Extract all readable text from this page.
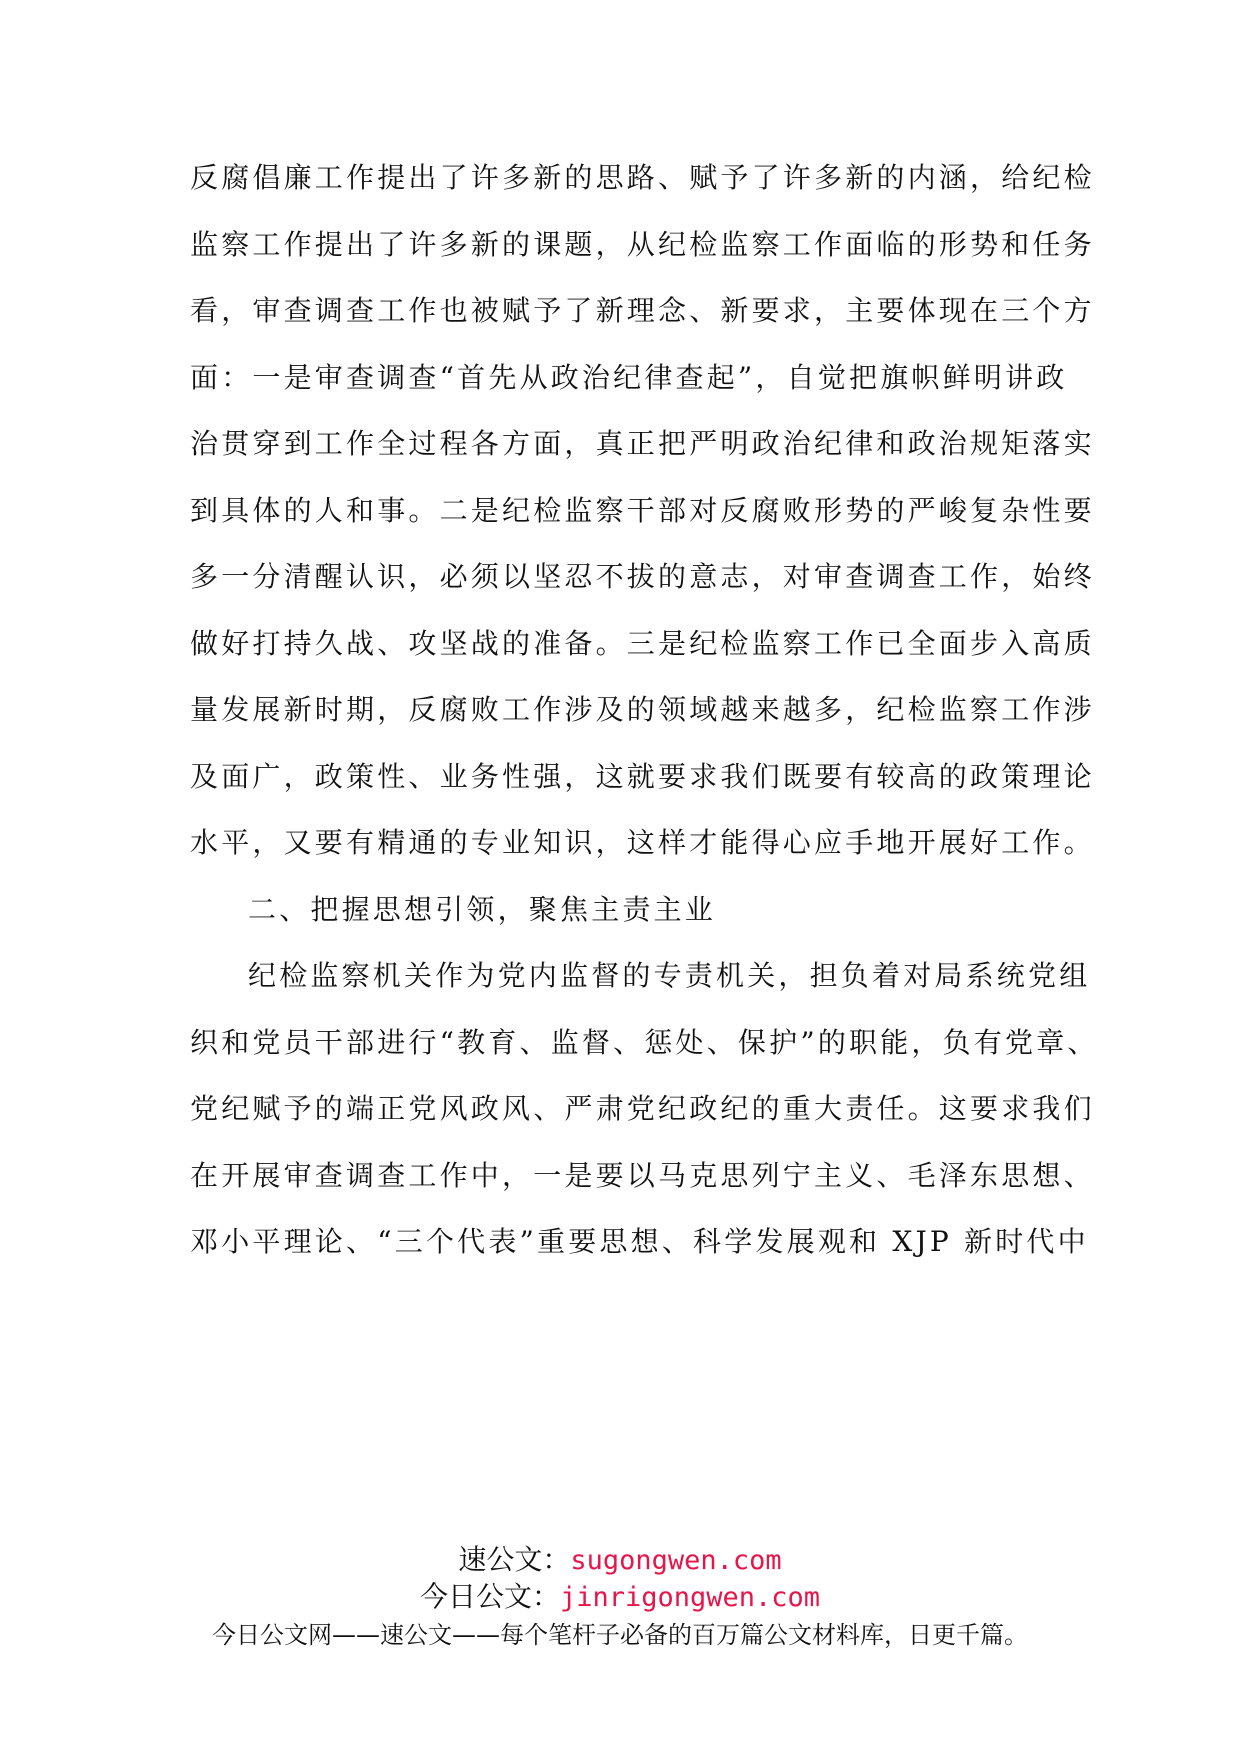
反腐倡廉工作提出了许多新的思路、赋予了许多新的内涵，给纪检
监察工作提出了许多新的课题，从纪检监察工作面临的形势和任务
看，审查调查工作也被赋予了新理念、新要求，主要体现在三个方
面：一是审查调查“首先从政治纪律查起”，自觉把旗帜鲜明讲政
治贯穿到工作全过程各方面，真正把严明政治纪律和政治规矩落实
到具体的人和事。二是纪检监察干部对反腐败形势的严峻复杂性要
多一分清醒认识，必须以坚忍不拔的意志，对审查调查工作，始终
做好打持久战、攻坚战的准备。三是纪检监察工作已全面步入高质
量发展新时期，反腐败工作涉及的领域越来越多，纪检监察工作涉
及面广，政策性、业务性强，这就要求我们既要有较高的政策理论
水平，又要有精通的专业知识，这样才能得心应手地开展好工作。
二、把握思想引领，聚焦主责主业
纪检监察机关作为党内监督的专责机关，担负着对局系统党组
织和党员干部进行“教育、监督、惩处、保护”的职能，负有党章、
党纪赋予的端正党风政风、严肃党纪政纪的重大责任。这要求我们
在开展审查调查工作中，一是要以马克思列宁主义、毛泽东思想、
邓小平理论、“三个代表”重要思想、科学发展观和 XJP 新时代中
速公文：sugongwen.com
今日公文：jinrigongwen.com
今日公文网——速公文——每个笔杆子必备的百万篇公文材料库，日更千篇。
